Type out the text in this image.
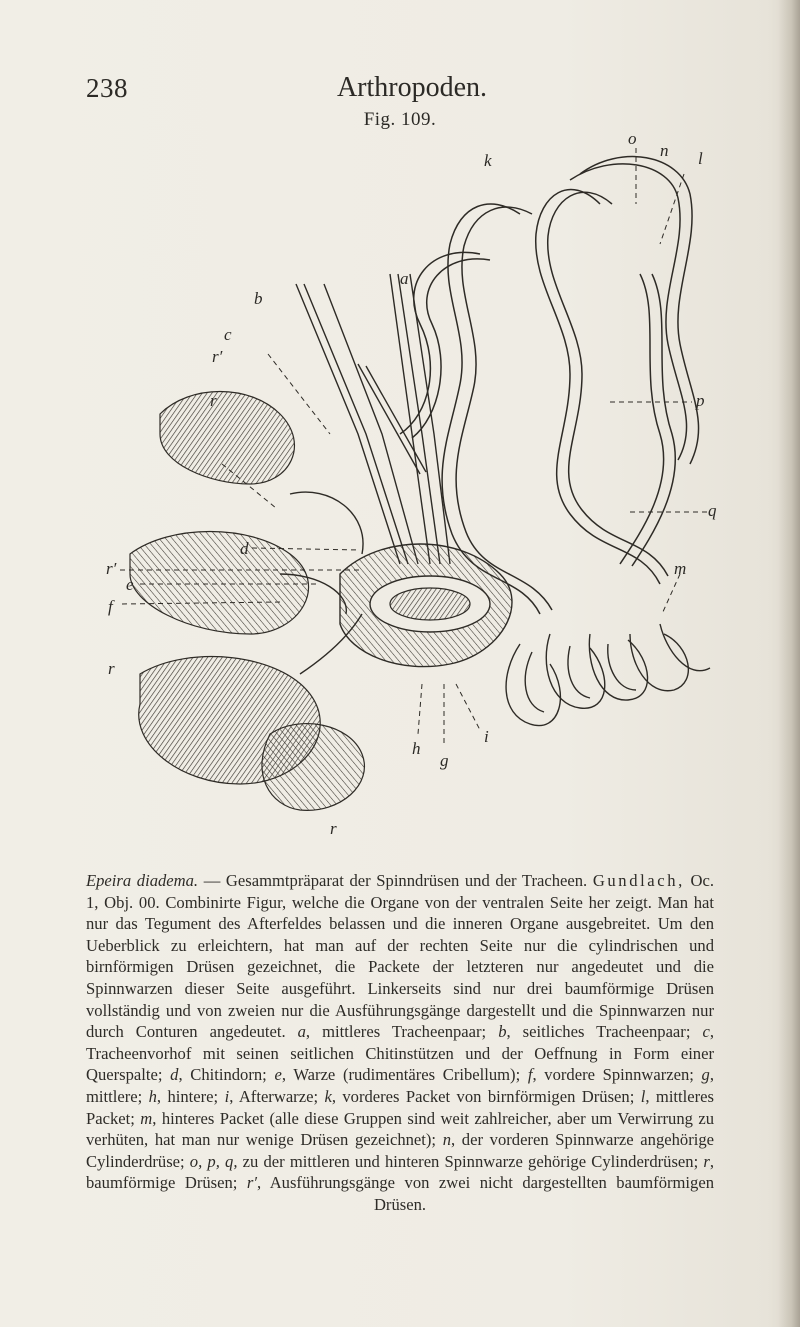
238	Arthropoden.
Fig. 109.
o
n l
k
a
b
c
r′
r
d
r′
e
f
r
p
q
m
h
i
g
r

Epeira diadema. — Gesammtpräparat der Spinndrüsen und der Tracheen. Gundlach, Oc. 1, Obj. 00. Combinirte Figur, welche die Organe von der ventralen Seite her zeigt. Man hat nur das Tegument des Afterfeldes belassen und die inneren Organe ausgebreitet. Um den Ueberblick zu erleichtern, hat man auf der rechten Seite nur die cylindrischen und birnförmigen Drüsen gezeichnet, die Packete der letzteren nur angedeutet und die Spinnwarzen dieser Seite ausgeführt. Linkerseits sind nur drei baumförmige Drüsen vollständig und von zweien nur die Ausführungsgänge dargestellt und die Spinnwarzen nur durch Conturen angedeutet. a, mittleres Tracheenpaar; b, seitliches Tracheenpaar; c, Tracheenvorhof mit seinen seitlichen Chitinstützen und der Oeffnung in Form einer Querspalte; d, Chitindorn; e, Warze (rudimentäres Cribellum); f, vordere Spinnwarzen; g, mittlere; h, hintere; i, Afterwarze; k, vorderes Packet von birnförmigen Drüsen; l, mittleres Packet; m, hinteres Packet (alle diese Gruppen sind weit zahlreicher, aber um Verwirrung zu verhüten, hat man nur wenige Drüsen gezeichnet); n, der vorderen Spinnwarze angehörige Cylinderdrüse; o, p, q, zu der mittleren und hinteren Spinnwarze gehörige Cylinderdrüsen; r, baumförmige Drüsen; r′, Ausführungsgänge von zwei nicht dargestellten baumförmigen Drüsen.
